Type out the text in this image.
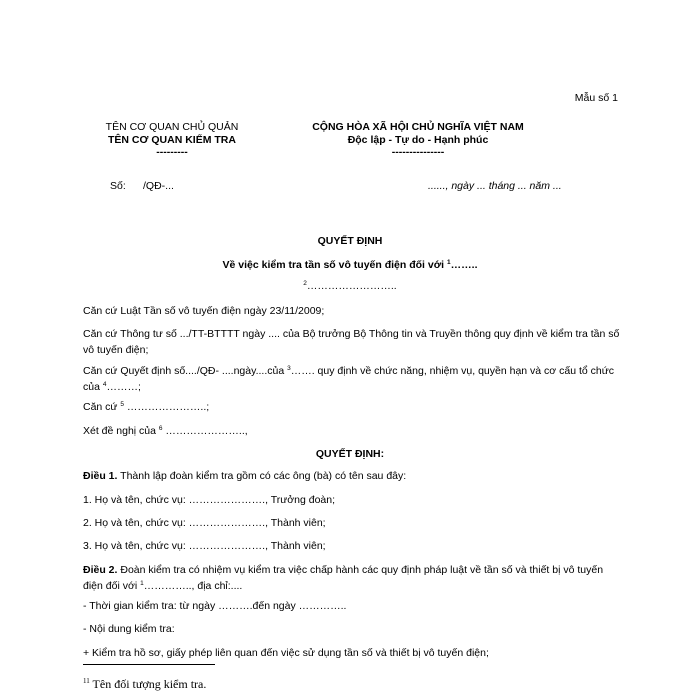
Mẫu số 1
TÊN CƠ QUAN CHỦ QUẢN
TÊN CƠ QUAN KIỂM TRA
---------
CỘNG HÒA XÃ HỘI CHỦ NGHĨA VIỆT NAM
Độc lập - Tự do - Hạnh phúc
---------------
Số: /QĐ-...	......, ngày ... tháng ... năm ...
QUYẾT ĐỊNH
Về việc kiểm tra tần số vô tuyến điện đối với $^1$……..
$^2$……………………..
Căn cứ Luật Tần số vô tuyến điện ngày 23/11/2009;
Căn cứ Thông tư số .../TT-BTTTT ngày .... của Bộ trưởng Bộ Thông tin và Truyền thông quy định về kiểm tra tần số vô tuyến điện;
Căn cứ Quyết định số..../QĐ- ....ngày....của $^3$……. quy định về chức năng, nhiệm vụ, quyền hạn và cơ cấu tổ chức của $^4$………;
Căn cứ $^5$ …………………..;
Xét đề nghị của $^6$ …………………..,
QUYẾT ĐỊNH:
Điều 1. Thành lập đoàn kiểm tra gồm có các ông (bà) có tên sau đây:
1. Họ và tên, chức vụ: …………………., Trưởng đoàn;
2. Họ và tên, chức vụ: …………………., Thành viên;
3. Họ và tên, chức vụ: …………………., Thành viên;
Điều 2. Đoàn kiểm tra có nhiệm vụ kiểm tra việc chấp hành các quy định pháp luật về tần số và thiết bị vô tuyến điện đối với $^1$………….., địa chỉ:....
- Thời gian kiểm tra: từ ngày ……….đến ngày …………..
- Nội dung kiểm tra:
+ Kiểm tra hồ sơ, giấy phép liên quan đến việc sử dụng tần số và thiết bị vô tuyến điện;
$^{11}$ Tên đối tượng kiểm tra.
